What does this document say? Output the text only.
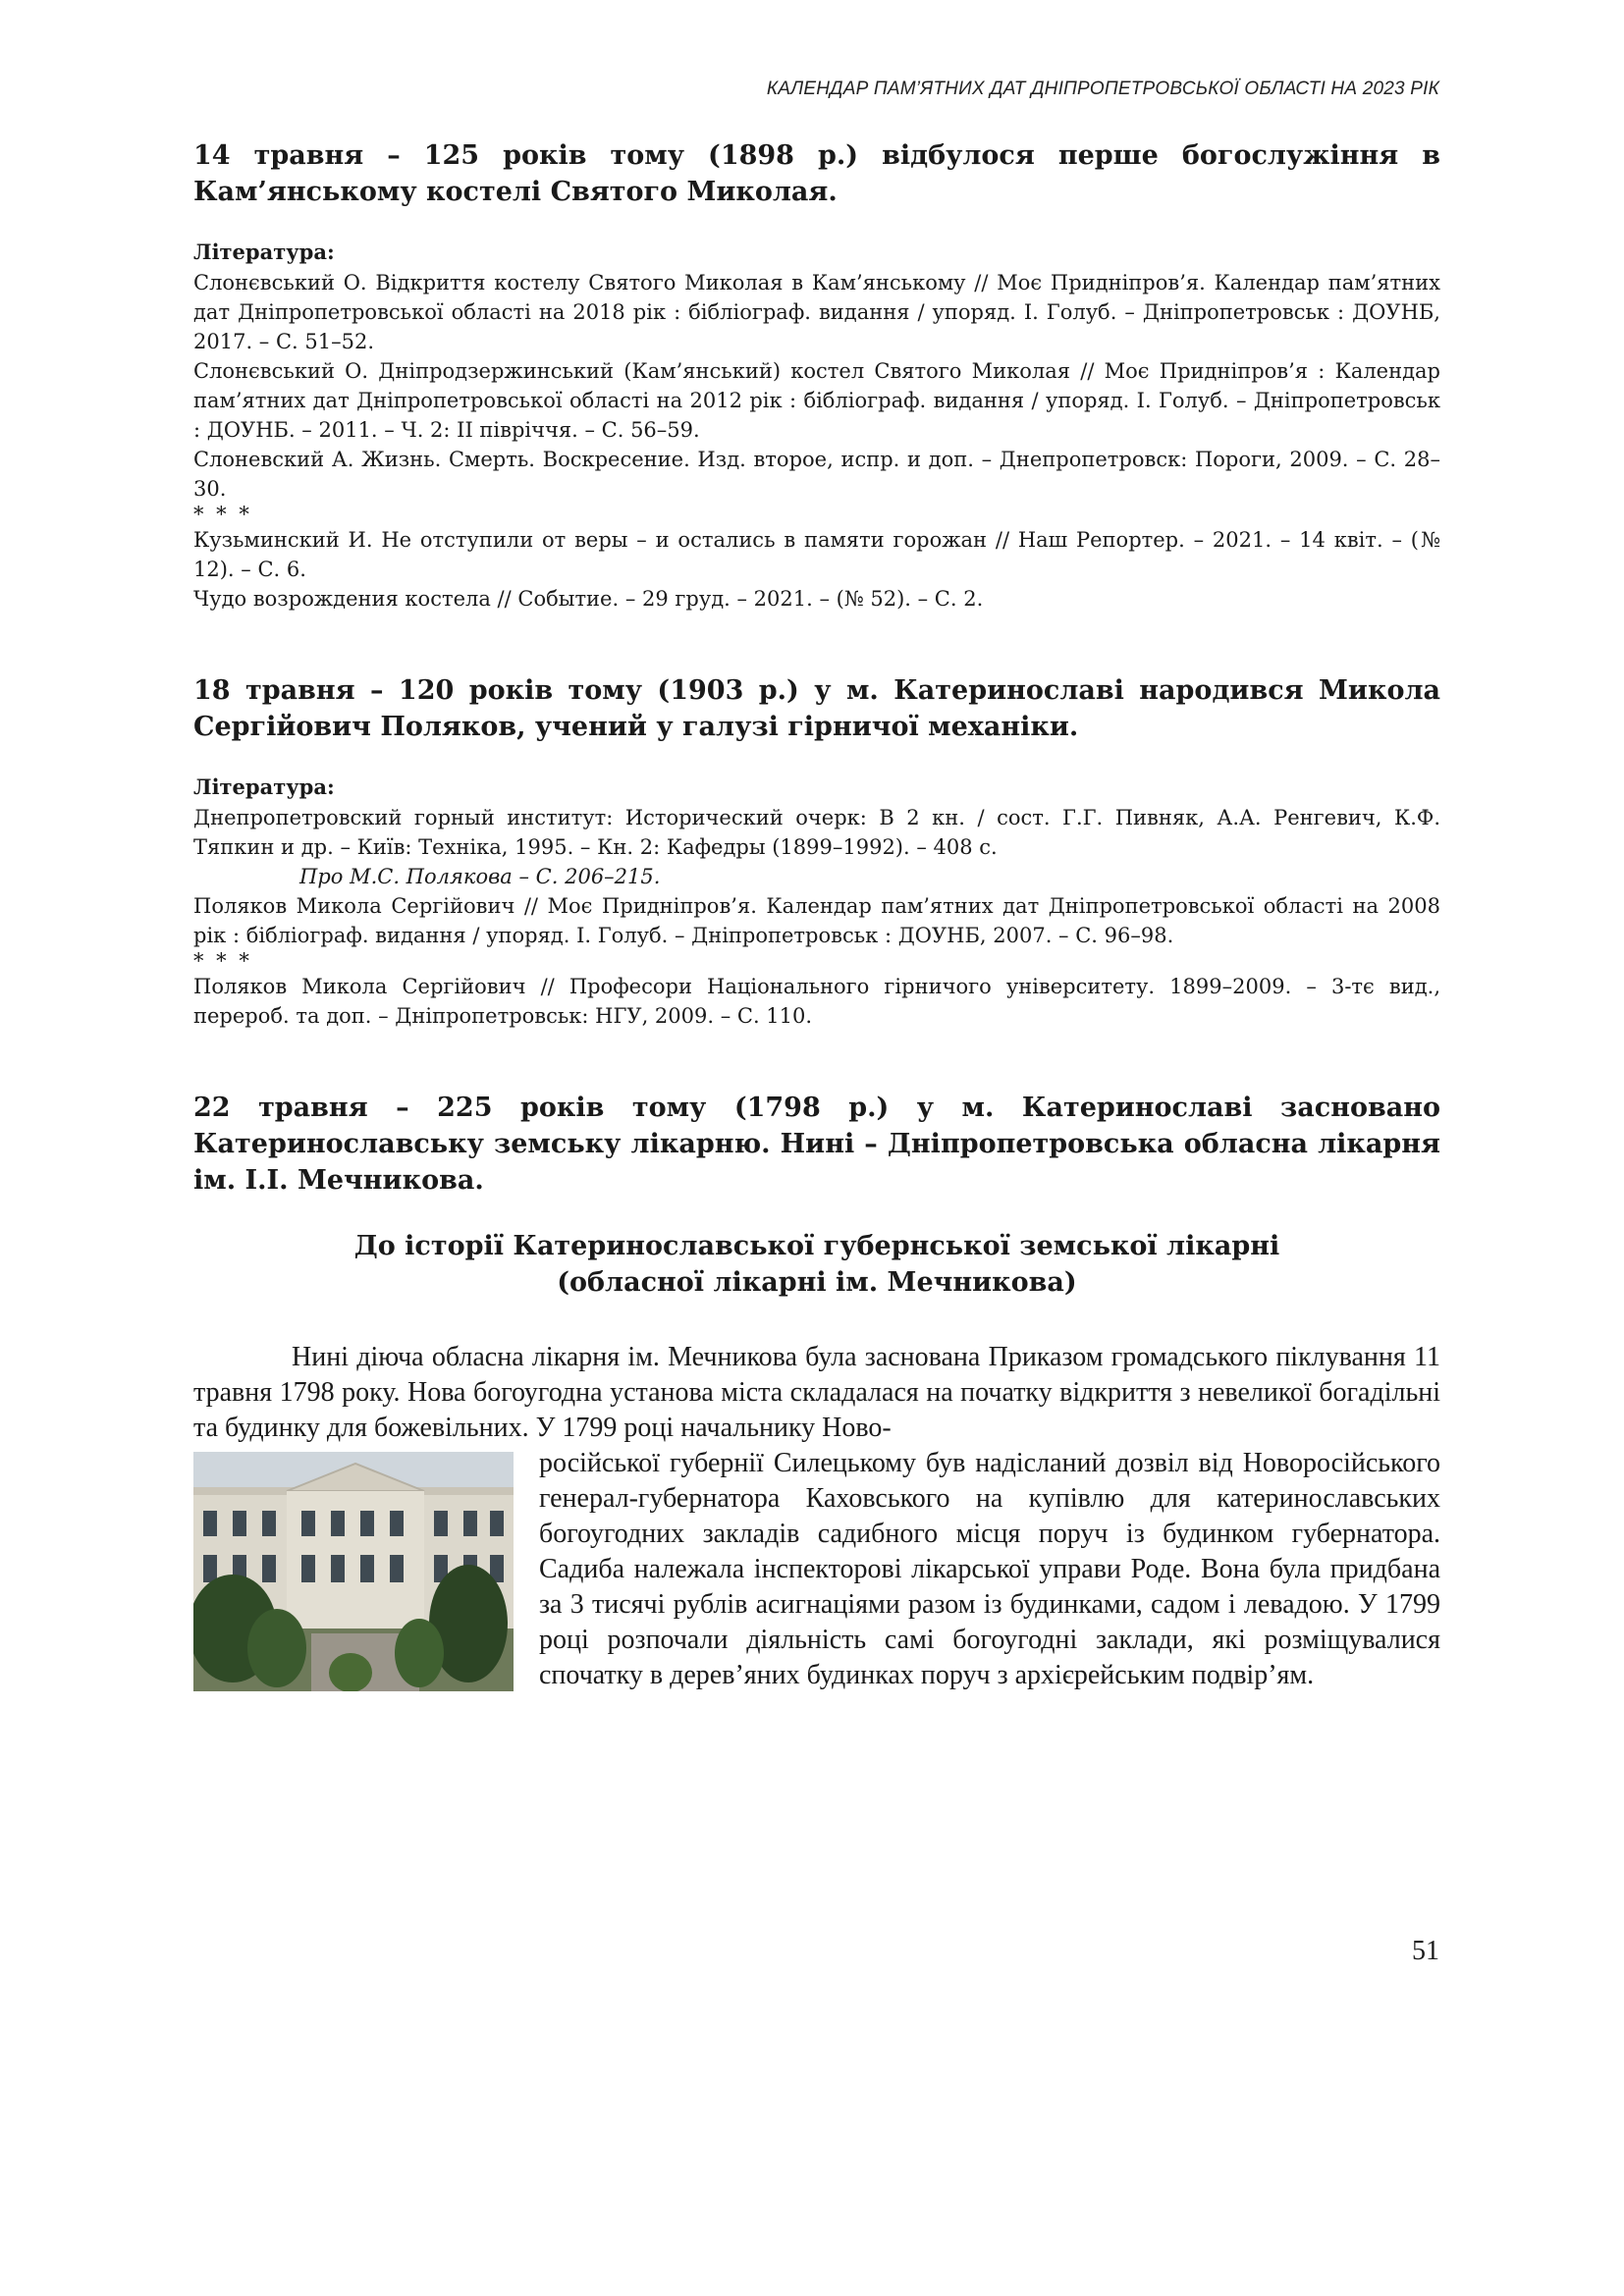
КАЛЕНДАР ПАМ’ЯТНИХ ДАТ ДНІПРОПЕТРОВСЬКОЇ ОБЛАСТІ НА 2023 РІК

14 травня – 125 років тому (1898 р.) відбулося перше богослужіння в Кам’янському костелі Святого Миколая.

Література:

Слонєвський О. Відкриття костелу Святого Миколая в Кам’янському // Моє Придніпров’я. Календар пам’ятних дат Дніпропетровської області на 2018 рік : бібліограф. видання / упоряд. І. Голуб. – Дніпропетровськ : ДОУНБ, 2017. – С. 51–52.

Слонєвський О. Дніпродзержинський (Кам’янський) костел Святого Миколая // Моє Придніпров’я : Календар пам’ятних дат Дніпропетровської області на 2012 рік : бібліограф. видання / упоряд. І. Голуб. – Дніпропетровськ : ДОУНБ. – 2011. – Ч. 2: ІІ півріччя. – С. 56–59.

Слоневский А. Жизнь. Смерть. Воскресение. Изд. второе, испр. и доп. – Днепропетровск: Пороги, 2009. – С. 28–30.

* * *

Кузьминский И. Не отступили от веры – и остались в памяти горожан // Наш Репортер. – 2021. – 14 квіт. – (№ 12). – С. 6.

Чудо возрождения костела // Событие. – 29 груд. – 2021. – (№ 52). – С. 2.

18 травня – 120 років тому (1903 р.) у м. Катеринославі народився Микола Сергійович Поляков, учений у галузі гірничої механіки.

Література:

Днепропетровский горный институт: Исторический очерк: В 2 кн. / сост. Г.Г. Пивняк, А.А. Ренгевич, К.Ф. Тяпкин и др. – Київ: Техніка, 1995. – Кн. 2: Кафедры (1899–1992). – 408 с.

Про М.С. Полякова – С. 206–215.

Поляков Микола Сергійович // Моє Придніпров’я. Календар пам’ятних дат Дніпропетровської області на 2008 рік : бібліограф. видання / упоряд. І. Голуб. – Дніпропетровськ : ДОУНБ, 2007. – С. 96–98.

* * *

Поляков Микола Сергійович // Професори Національного гірничого університету. 1899–2009. – 3-тє вид., перероб. та доп. – Дніпропетровськ: НГУ, 2009. – С. 110.

22 травня – 225 років тому (1798 р.) у м. Катеринославі засновано Катеринославську земську лікарню. Нині – Дніпропетровська обласна лікарня ім. І.І. Мечникова.

До історії Катеринославської губернської земської лікарні
(обласної лікарні ім. Мечникова)

Нині діюча обласна лікарня ім. Мечникова була заснована Приказом громадського піклування 11 травня 1798 року. Нова богоугодна установа міста складалася на початку відкриття з невеликої богадільні та будинку для божевільних. У 1799 році начальнику Ново-

російської губернії Силецькому був надісланий дозвіл від Новоросійського генерал-губернатора Каховського на купівлю для катеринославських богоугодних закладів садибного місця поруч із будинком губернатора. Садиба належала інспекторові лікарської управи Роде. Вона була придбана за 3 тисячі рублів асигнаціями разом із будинками, садом і левадою. У 1799 році розпочали діяльність самі богоугодні заклади, які розміщувалися спочатку в дерев’яних будинках поруч з архієрейським подвір’ям.

51
